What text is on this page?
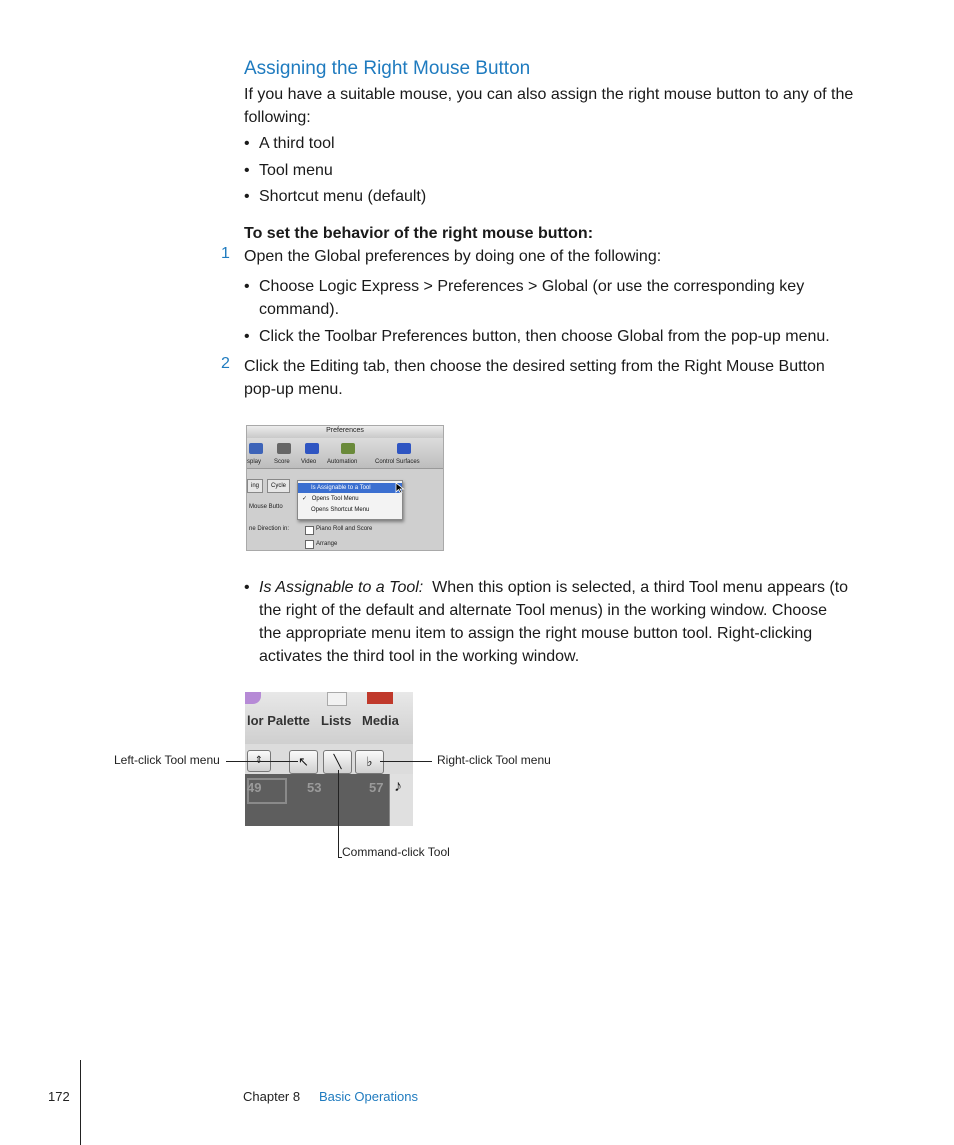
Assigning the Right Mouse Button
If you have a suitable mouse, you can also assign the right mouse button to any of the
following:
• A third tool
• Tool menu
• Shortcut menu (default)
To set the behavior of the right mouse button:
1 Open the Global preferences by doing one of the following:
• Choose Logic Express > Preferences > Global (or use the corresponding key
command).
• Click the Toolbar Preferences button, then choose Global from the pop-up menu.
2 Click the Editing tab, then choose the desired setting from the Right Mouse Button
pop-up menu.
Preferences
splay Score Video Automation	Control Surfaces
ing	Cycle
Mouse Butto
ne Direction in:	Piano Roll and Score
Arrange
Is Assignable to a Tool
✓ Opens Tool Menu
Opens Shortcut Menu
• Is Assignable to a Tool: When this option is selected, a third Tool menu appears (to
the right of the default and alternate Tool menus) in the working window. Choose
the appropriate menu item to assign the right mouse button tool. Right-clicking
activates the third tool in the working window.
lor Palette Lists Media
↖	╲	♭
49	53	57 ♪
Left-click Tool menu	Right-click Tool menu
Command-click Tool
172	Chapter 8 Basic Operations
